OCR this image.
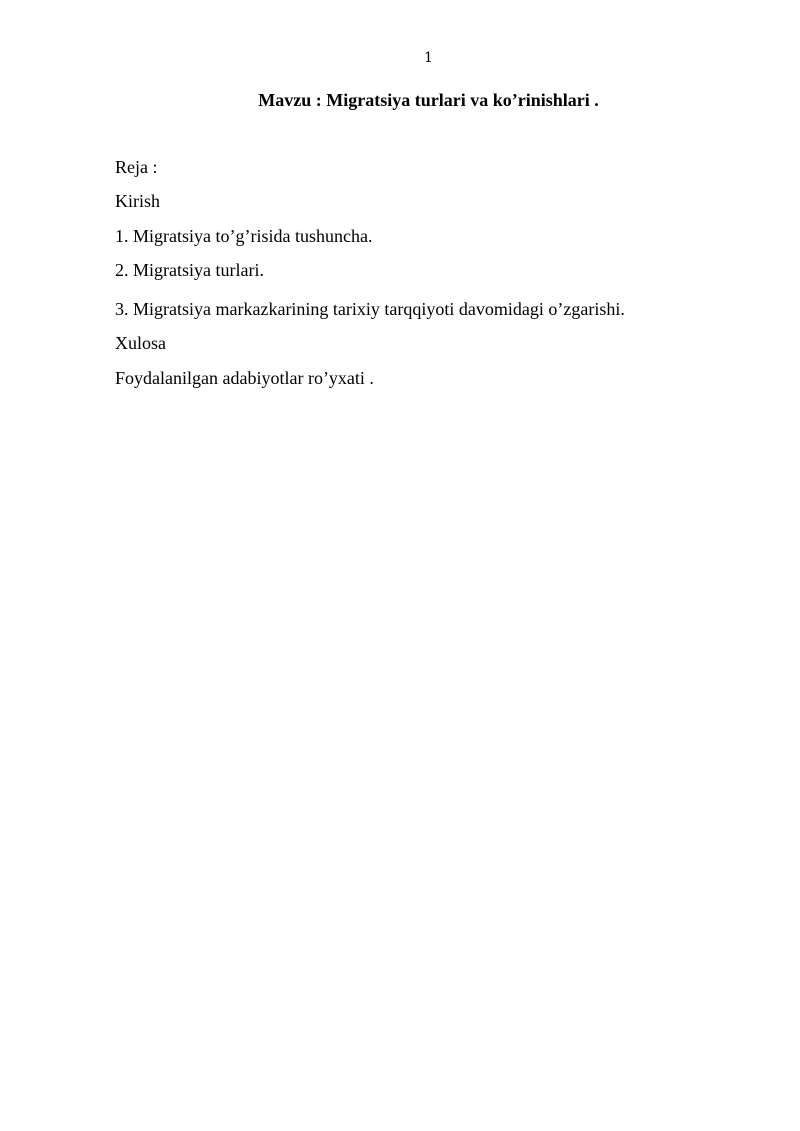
1
Mavzu : Migratsiya turlari va ko’rinishlari .
Reja :
Kirish
1. Migratsiya to’g’risida tushuncha.
2. Migratsiya turlari.
3. Migratsiya markazkarining tarixiy tarqqiyoti davomidagi o’zgarishi.
Xulosa
Foydalanilgan adabiyotlar ro’yxati .
